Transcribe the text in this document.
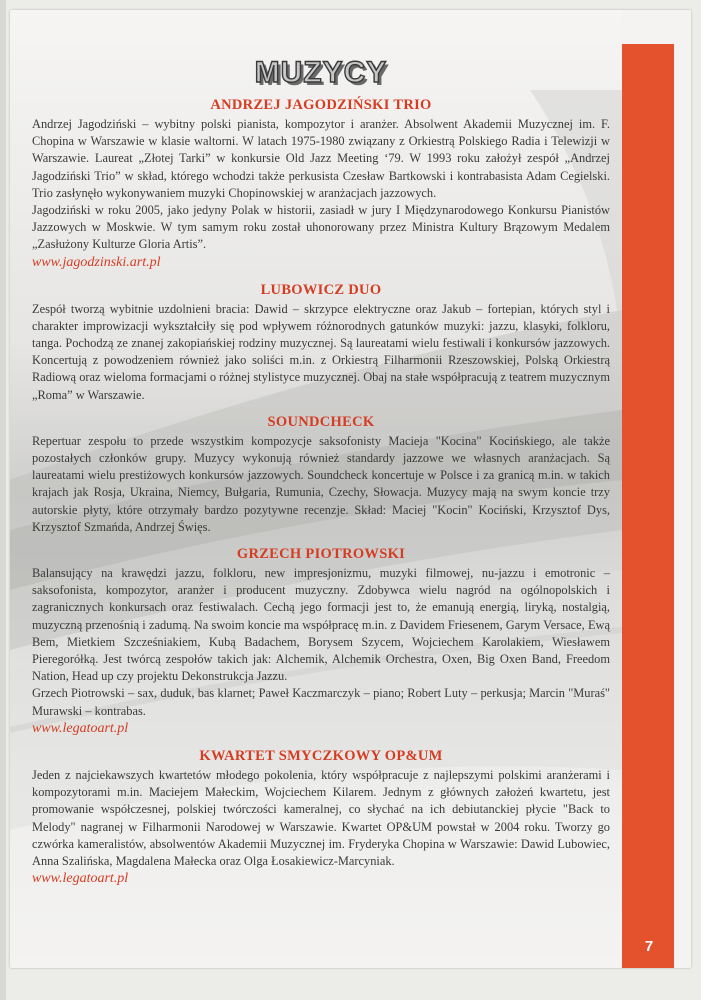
7
MUZYCY
ANDRZEJ JAGODZIŃSKI TRIO

Andrzej Jagodziński – wybitny polski pianista, kompozytor i aranżer. Absolwent Akademii Muzycznej im. F. Chopina w Warszawie w klasie waltorni. W latach 1975-1980 związany z Orkiestrą Polskiego Radia i Telewizji w Warszawie. Laureat „Złotej Tarki” w konkursie Old Jazz Meeting ‘79. W 1993 roku założył zespół „Andrzej Jagodziński Trio” w skład, którego wchodzi także perkusista Czesław Bartkowski i kontrabasista Adam Cegielski. Trio zasłynęło wykonywaniem muzyki Chopinowskiej w aranżacjach jazzowych.

Jagodziński w roku 2005, jako jedyny Polak w historii, zasiadł w jury I Międzynarodowego Konkursu Pianistów Jazzowych w Moskwie. W tym samym roku został uhonorowany przez Ministra Kultury Brązowym Medalem „Zasłużony Kulturze Gloria Artis”.

www.jagodzinski.art.pl

LUBOWICZ DUO

Zespół tworzą wybitnie uzdolnieni bracia: Dawid – skrzypce elektryczne oraz Jakub – fortepian, których styl i charakter improwizacji wykształciły się pod wpływem różnorodnych gatunków muzyki: jazzu, klasyki, folkloru, tanga. Pochodzą ze znanej zakopiańskiej rodziny muzycznej. Są laureatami wielu festiwali i konkursów jazzowych. Koncertują z powodzeniem również jako soliści m.in. z Orkiestrą Filharmonii Rzeszowskiej, Polską Orkiestrą Radiową oraz wieloma formacjami o różnej stylistyce muzycznej. Obaj na stałe współpracują z teatrem muzycznym „Roma” w Warszawie.

SOUNDCHECK

Repertuar zespołu to przede wszystkim kompozycje saksofonisty Macieja "Kocina" Kocińskiego, ale także pozostałych członków grupy. Muzycy wykonują również standardy jazzowe we własnych aranżacjach. Są laureatami wielu prestiżowych konkursów jazzowych. Soundcheck koncertuje w Polsce i za granicą m.in. w takich krajach jak Rosja, Ukraina, Niemcy, Bułgaria, Rumunia, Czechy, Słowacja. Muzycy mają na swym koncie trzy autorskie płyty, które otrzymały bardzo pozytywne recenzje. Skład: Maciej "Kocin" Kociński, Krzysztof Dys, Krzysztof Szmańda, Andrzej Święs.

GRZECH PIOTROWSKI

Balansujący na krawędzi jazzu, folkloru, new impresjonizmu, muzyki filmowej, nu-jazzu i emotronic – saksofonista, kompozytor, aranżer i producent muzyczny. Zdobywca wielu nagród na ogólnopolskich i zagranicznych konkursach oraz festiwalach. Cechą jego formacji jest to, że emanują energią, liryką, nostalgią, muzyczną przenośnią i zadumą. Na swoim koncie ma współpracę m.in. z Davidem Friesenem, Garym Versace, Ewą Bem, Mietkiem Szcześniakiem, Kubą Badachem, Borysem Szycem, Wojciechem Karolakiem, Wiesławem Pieregorółką. Jest twórcą zespołów takich jak: Alchemik, Alchemik Orchestra, Oxen, Big Oxen Band, Freedom Nation, Head up czy projektu Dekonstrukcja Jazzu.

Grzech Piotrowski – sax, duduk, bas klarnet; Paweł Kaczmarczyk – piano; Robert Luty – perkusja; Marcin "Muraś" Murawski – kontrabas.

www.legatoart.pl

KWARTET SMYCZKOWY OP&UM

Jeden z najciekawszych kwartetów młodego pokolenia, który współpracuje z najlepszymi polskimi aranżerami i kompozytorami m.in. Maciejem Małeckim, Wojciechem Kilarem. Jednym z głównych założeń kwartetu, jest promowanie współczesnej, polskiej twórczości kameralnej, co słychać na ich debiutanckiej płycie "Back to Melody" nagranej w Filharmonii Narodowej w Warszawie. Kwartet OP&UM powstał w 2004 roku. Tworzy go czwórka kameralistów, absolwentów Akademii Muzycznej im. Fryderyka Chopina w Warszawie: Dawid Lubowiec, Anna Szalińska, Magdalena Małecka oraz Olga Łosakiewicz-Marcyniak.

www.legatoart.pl
